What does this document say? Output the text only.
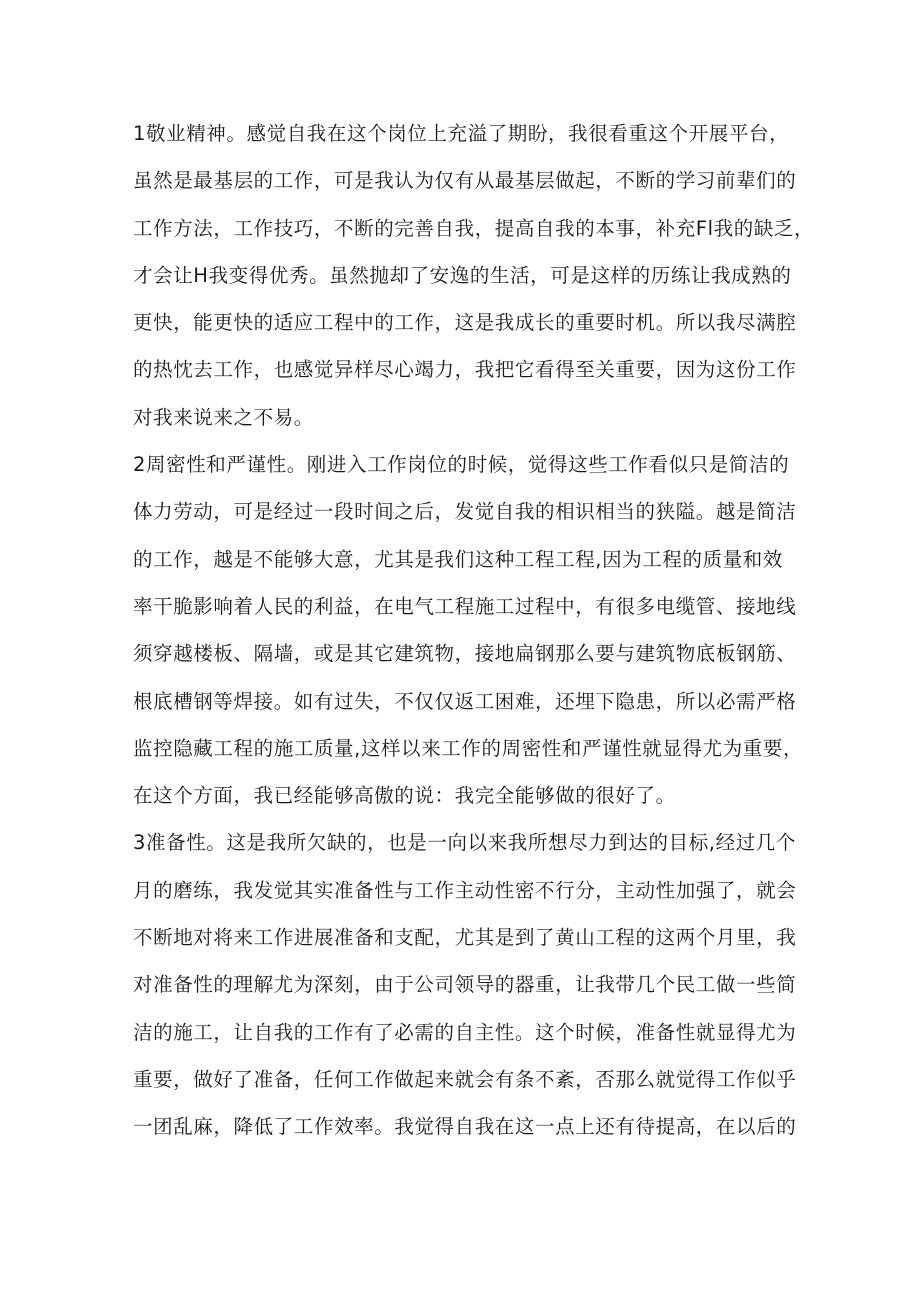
1敬业精神。感觉自我在这个岗位上充溢了期盼，我很看重这个开展平台，
虽然是最基层的工作，可是我认为仅有从最基层做起，不断的学习前辈们的
工作方法，工作技巧，不断的完善自我，提高自我的本事，补充Fl我的缺乏，
才会让H我变得优秀。虽然抛却了安逸的生活，可是这样的历练让我成熟的
更快，能更快的适应工程中的工作，这是我成长的重要时机。所以我尽满腔
的热忱去工作，也感觉异样尽心竭力，我把它看得至关重要，因为这份工作
对我来说来之不易。
2周密性和严谨性。刚进入工作岗位的时候，觉得这些工作看似只是简洁的
体力劳动，可是经过一段时间之后，发觉自我的相识相当的狭隘。越是简洁
的工作，越是不能够大意，尤其是我们这种工程工程,因为工程的质量和效
率干脆影响着人民的利益，在电气工程施工过程中，有很多电缆管、接地线
须穿越楼板、隔墙，或是其它建筑物，接地扁钢那么要与建筑物底板钢筋、
根底槽钢等焊接。如有过失，不仅仅返工困难，还埋下隐患，所以必需严格
监控隐藏工程的施工质量,这样以来工作的周密性和严谨性就显得尤为重要，
在这个方面，我已经能够高傲的说：我完全能够做的很好了。
3准备性。这是我所欠缺的，也是一向以来我所想尽力到达的目标,经过几个
月的磨练，我发觉其实准备性与工作主动性密不行分，主动性加强了，就会
不断地对将来工作进展准备和支配，尤其是到了黄山工程的这两个月里，我
对准备性的理解尤为深刻，由于公司领导的器重，让我带几个民工做一些简
洁的施工，让自我的工作有了必需的自主性。这个时候，准备性就显得尤为
重要，做好了准备，任何工作做起来就会有条不紊，否那么就觉得工作似乎
一团乱麻，降低了工作效率。我觉得自我在这一点上还有待提高，在以后的
